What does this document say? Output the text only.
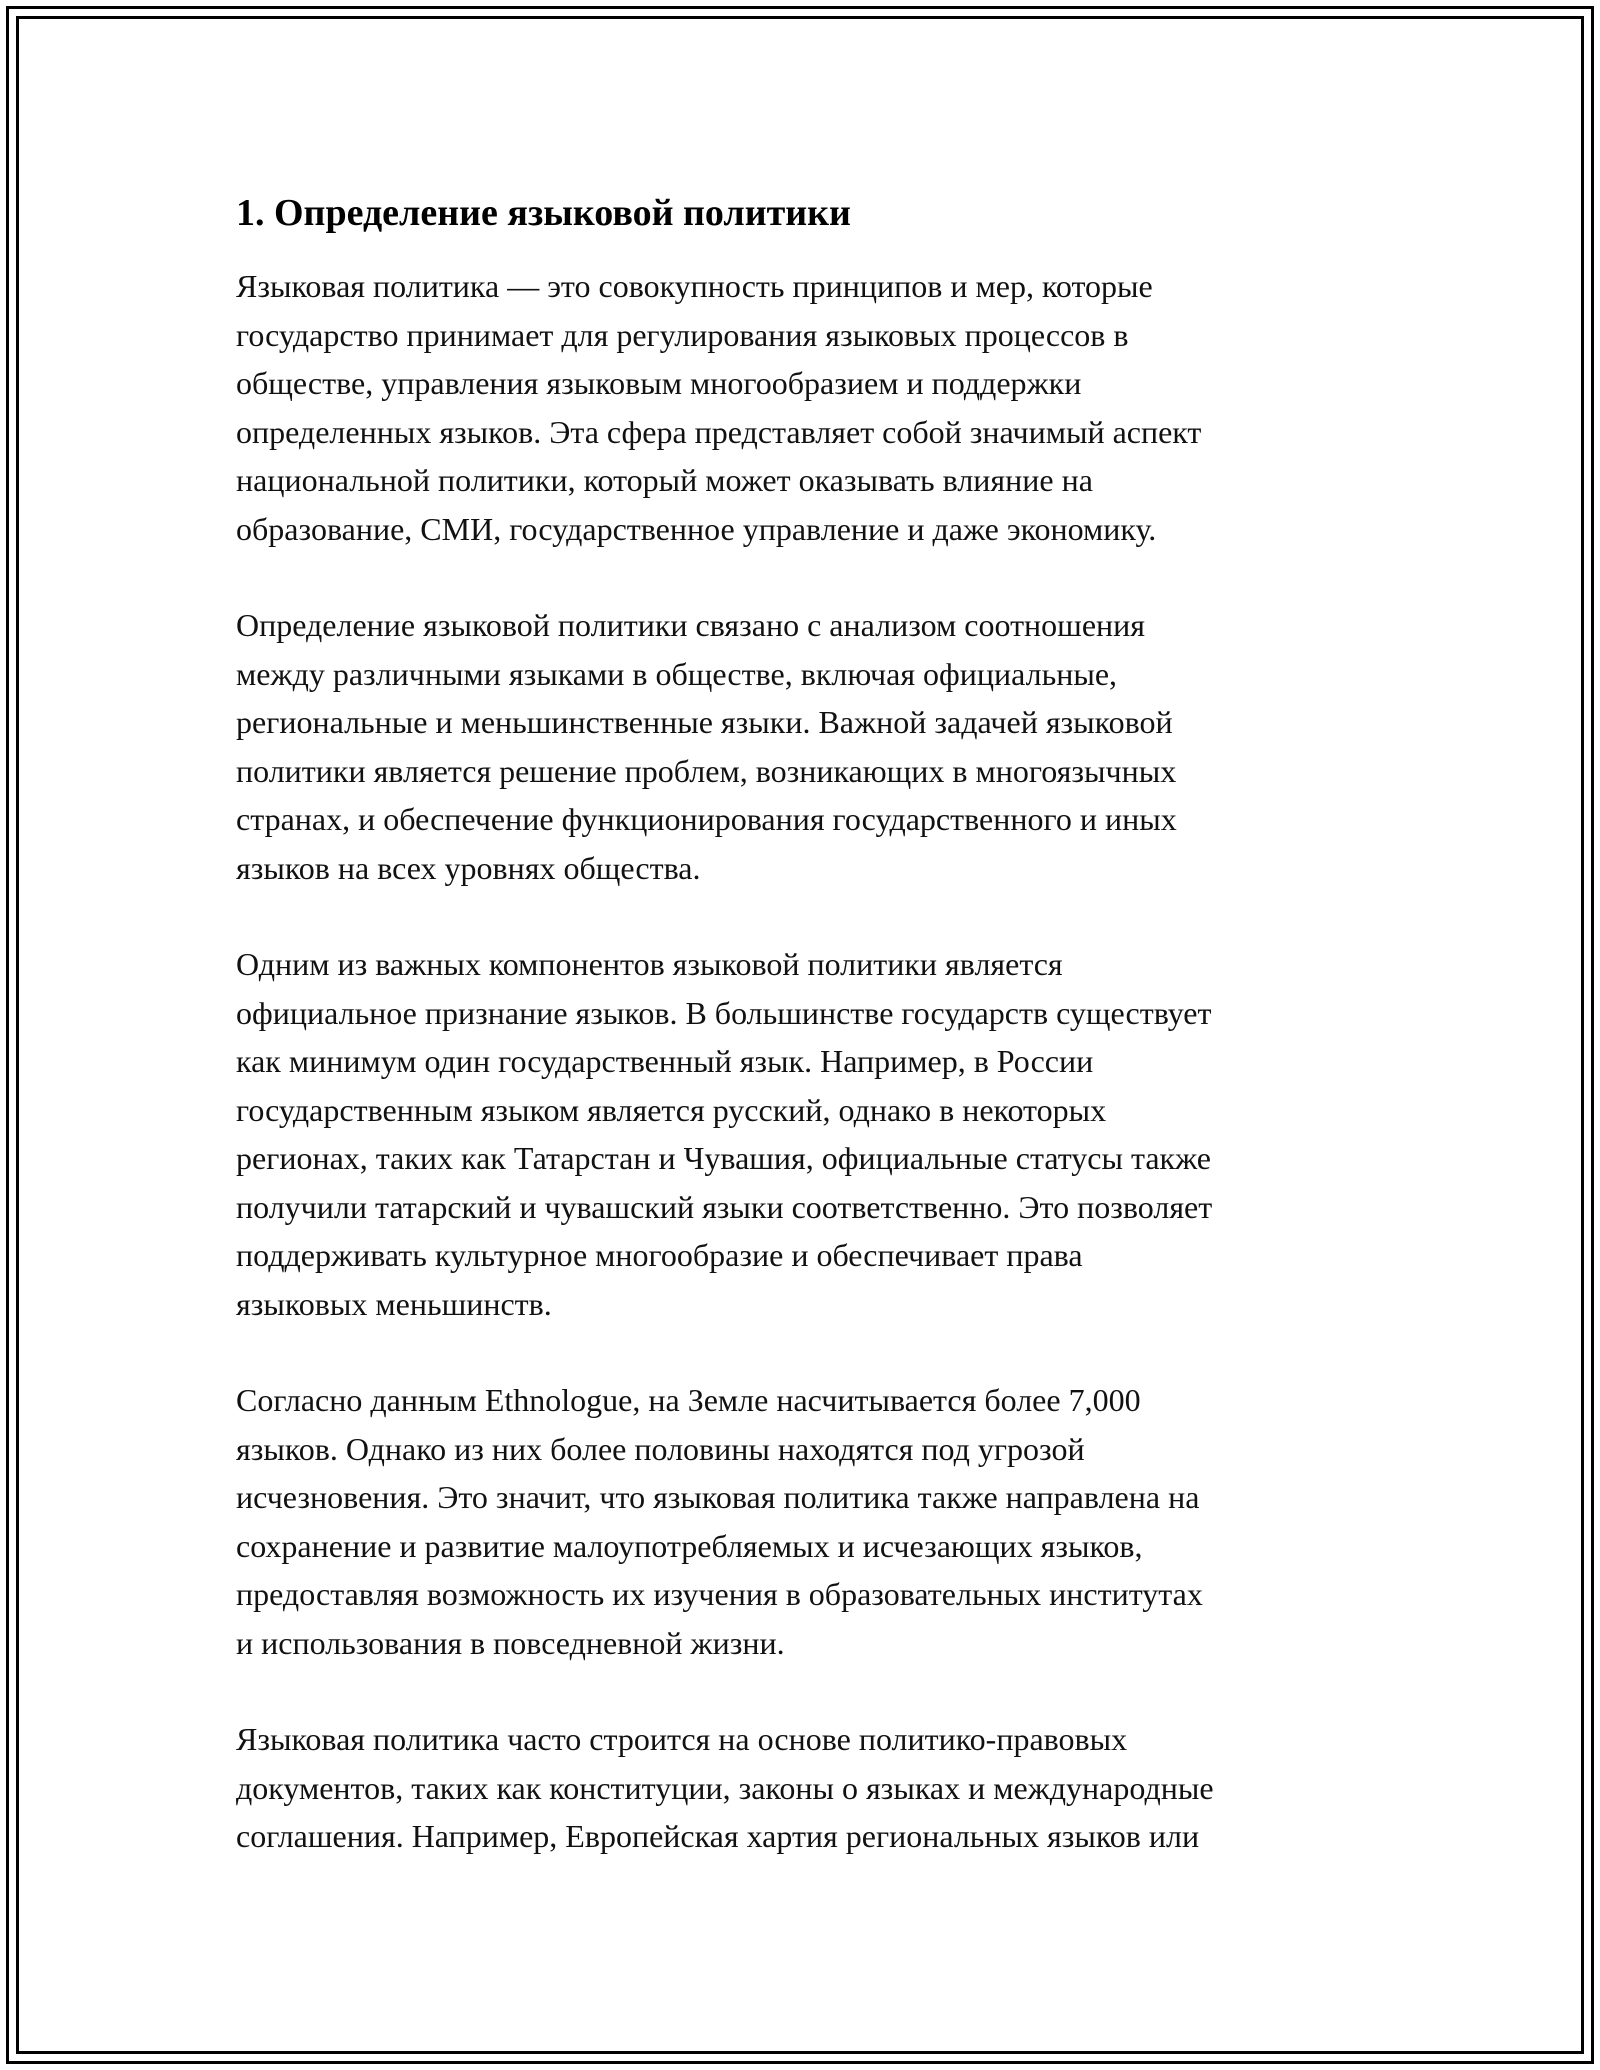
1. Определение языковой политики

Языковая политика — это совокупность принципов и мер, которые
государство принимает для регулирования языковых процессов в
обществе, управления языковым многообразием и поддержки
определенных языков. Эта сфера представляет собой значимый аспект
национальной политики, который может оказывать влияние на
образование, СМИ, государственное управление и даже экономику.

Определение языковой политики связано с анализом соотношения
между различными языками в обществе, включая официальные,
региональные и меньшинственные языки. Важной задачей языковой
политики является решение проблем, возникающих в многоязычных
странах, и обеспечение функционирования государственного и иных
языков на всех уровнях общества.

Одним из важных компонентов языковой политики является
официальное признание языков. В большинстве государств существует
как минимум один государственный язык. Например, в России
государственным языком является русский, однако в некоторых
регионах, таких как Татарстан и Чувашия, официальные статусы также
получили татарский и чувашский языки соответственно. Это позволяет
поддерживать культурное многообразие и обеспечивает права
языковых меньшинств.

Согласно данным Ethnologue, на Земле насчитывается более 7,000
языков. Однако из них более половины находятся под угрозой
исчезновения. Это значит, что языковая политика также направлена на
сохранение и развитие малоупотребляемых и исчезающих языков,
предоставляя возможность их изучения в образовательных институтах
и использования в повседневной жизни.

Языковая политика часто строится на основе политико-правовых
документов, таких как конституции, законы о языках и международные
соглашения. Например, Европейская хартия региональных языков или
